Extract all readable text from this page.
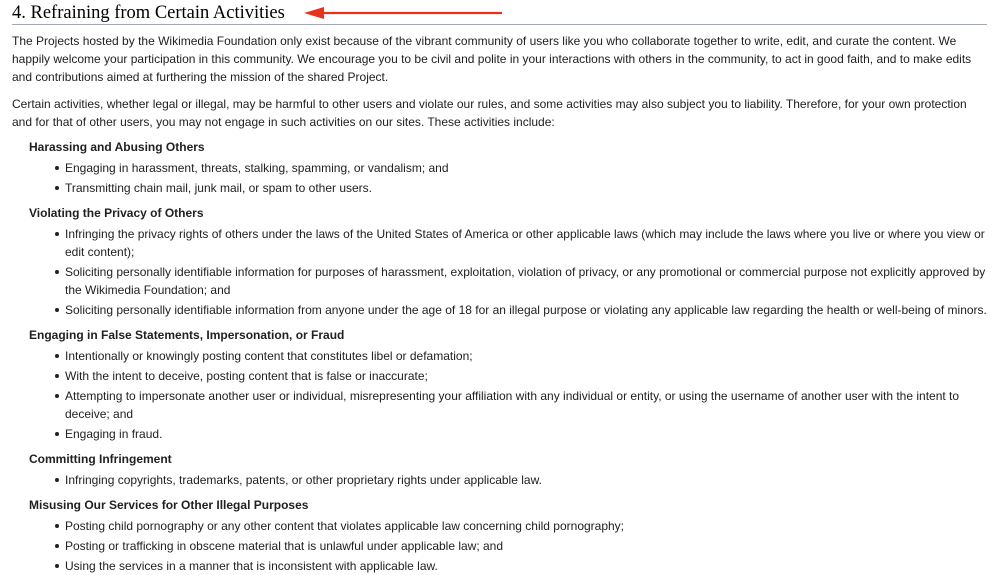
4. Refraining from Certain Activities

The Projects hosted by the Wikimedia Foundation only exist because of the vibrant community of users like you who collaborate together to write, edit, and curate the content. We happily welcome your participation in this community. We encourage you to be civil and polite in your interactions with others in the community, to act in good faith, and to make edits and contributions aimed at furthering the mission of the shared Project.

Certain activities, whether legal or illegal, may be harmful to other users and violate our rules, and some activities may also subject you to liability. Therefore, for your own protection and for that of other users, you may not engage in such activities on our sites. These activities include:

Harassing and Abusing Others
Engaging in harassment, threats, stalking, spamming, or vandalism; and
Transmitting chain mail, junk mail, or spam to other users.
Violating the Privacy of Others
Infringing the privacy rights of others under the laws of the United States of America or other applicable laws (which may include the laws where you live or where you view or edit content);
Soliciting personally identifiable information for purposes of harassment, exploitation, violation of privacy, or any promotional or commercial purpose not explicitly approved by the Wikimedia Foundation; and
Soliciting personally identifiable information from anyone under the age of 18 for an illegal purpose or violating any applicable law regarding the health or well-being of minors.
Engaging in False Statements, Impersonation, or Fraud
Intentionally or knowingly posting content that constitutes libel or defamation;
With the intent to deceive, posting content that is false or inaccurate;
Attempting to impersonate another user or individual, misrepresenting your affiliation with any individual or entity, or using the username of another user with the intent to deceive; and
Engaging in fraud.
Committing Infringement
Infringing copyrights, trademarks, patents, or other proprietary rights under applicable law.
Misusing Our Services for Other Illegal Purposes
Posting child pornography or any other content that violates applicable law concerning child pornography;
Posting or trafficking in obscene material that is unlawful under applicable law; and
Using the services in a manner that is inconsistent with applicable law.
